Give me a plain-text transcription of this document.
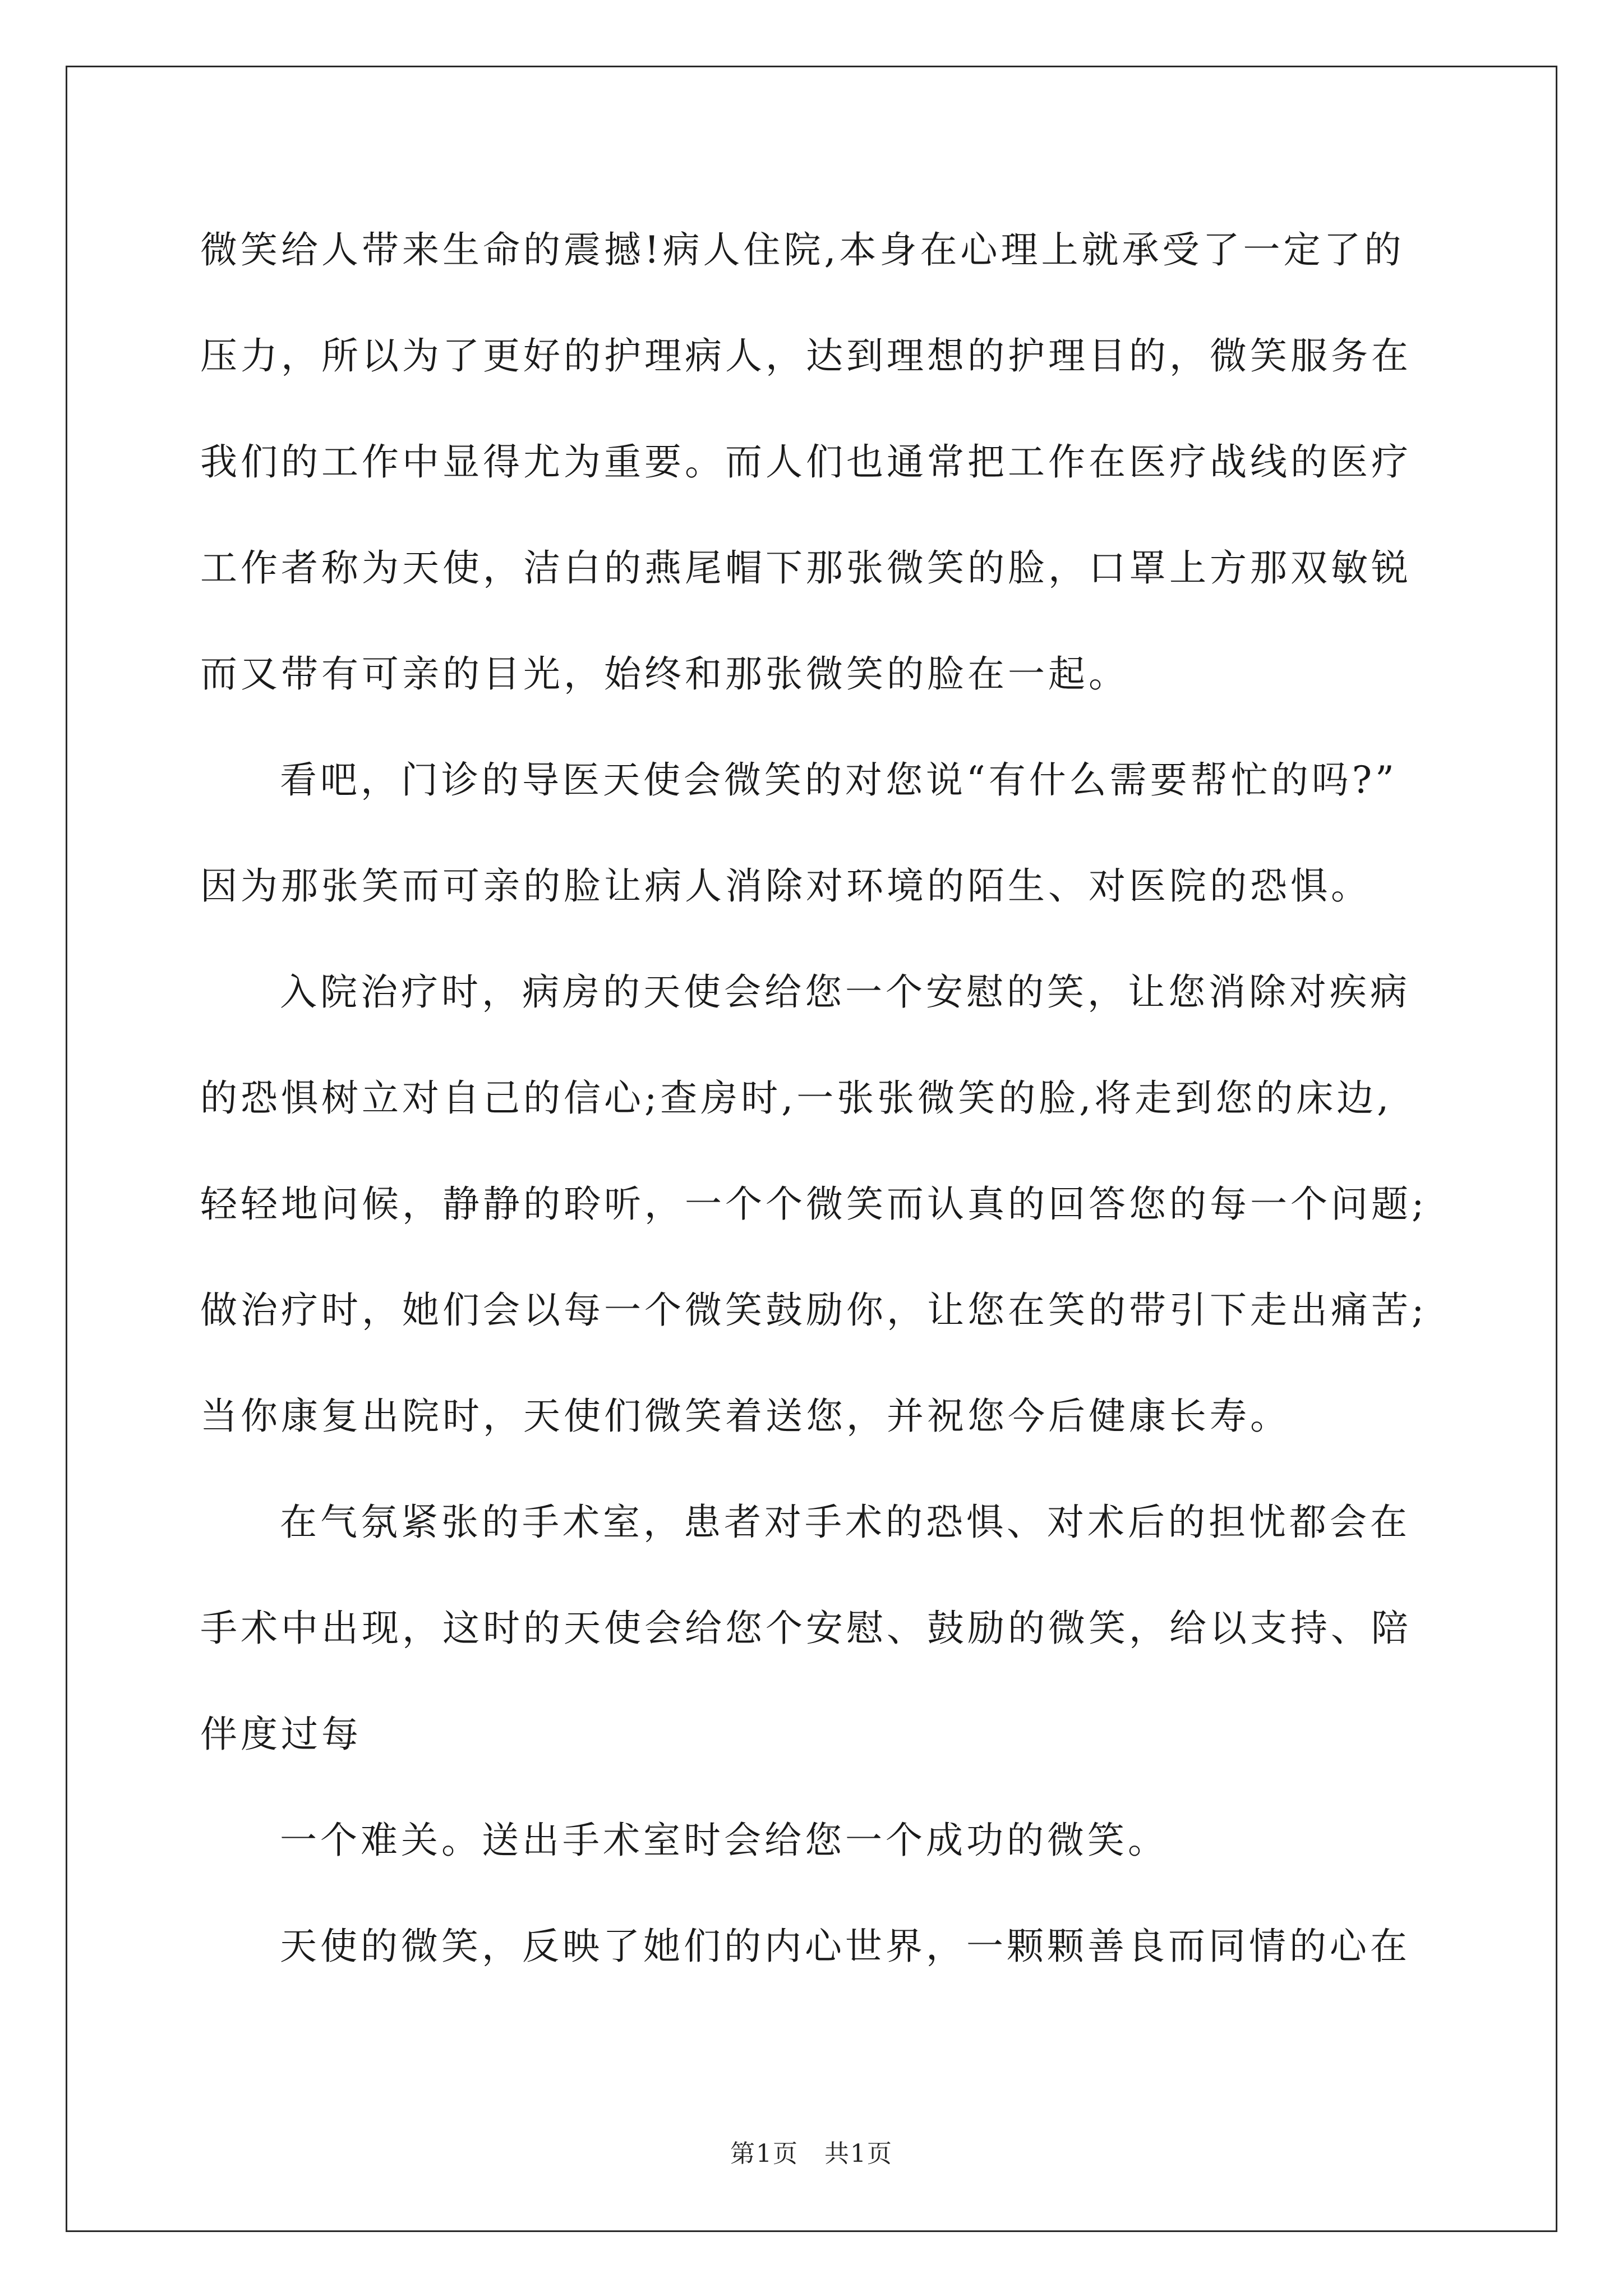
微笑给人带来生命的震撼!病人住院,本身在心理上就承受了一定了的
压力，所以为了更好的护理病人，达到理想的护理目的，微笑服务在
我们的工作中显得尤为重要。而人们也通常把工作在医疗战线的医疗
工作者称为天使，洁白的燕尾帽下那张微笑的脸，口罩上方那双敏锐
而又带有可亲的目光，始终和那张微笑的脸在一起。

看吧，门诊的导医天使会微笑的对您说“有什么需要帮忙的吗?”
因为那张笑而可亲的脸让病人消除对环境的陌生、对医院的恐惧。

入院治疗时，病房的天使会给您一个安慰的笑，让您消除对疾病
的恐惧树立对自己的信心;查房时,一张张微笑的脸,将走到您的床边,
轻轻地问候，静静的聆听，一个个微笑而认真的回答您的每一个问题;
做治疗时，她们会以每一个微笑鼓励你，让您在笑的带引下走出痛苦;
当你康复出院时，天使们微笑着送您，并祝您今后健康长寿。

在气氛紧张的手术室，患者对手术的恐惧、对术后的担忧都会在
手术中出现，这时的天使会给您个安慰、鼓励的微笑，给以支持、陪
伴度过每

一个难关。送出手术室时会给您一个成功的微笑。

天使的微笑，反映了她们的内心世界，一颗颗善良而同情的心在

第1页　共1页
